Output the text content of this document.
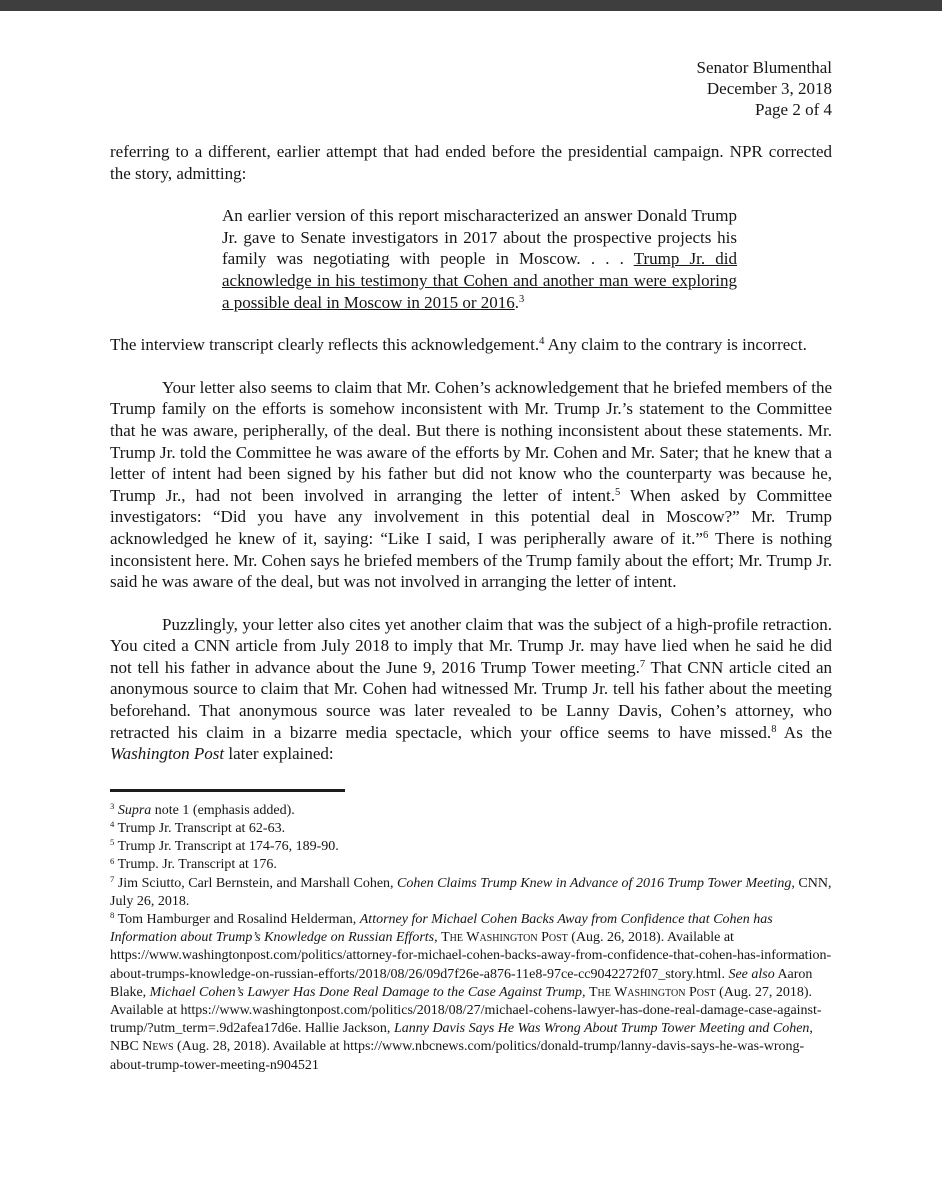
Senator Blumenthal
December 3, 2018
Page 2 of 4

referring to a different, earlier attempt that had ended before the presidential campaign. NPR corrected the story, admitting:

An earlier version of this report mischaracterized an answer Donald Trump Jr. gave to Senate investigators in 2017 about the prospective projects his family was negotiating with people in Moscow. . . . Trump Jr. did acknowledge in his testimony that Cohen and another man were exploring a possible deal in Moscow in 2015 or 2016.$^3$

The interview transcript clearly reflects this acknowledgement.$^4$ Any claim to the contrary is incorrect.

Your letter also seems to claim that Mr. Cohen’s acknowledgement that he briefed members of the Trump family on the efforts is somehow inconsistent with Mr. Trump Jr.’s statement to the Committee that he was aware, peripherally, of the deal. But there is nothing inconsistent about these statements. Mr. Trump Jr. told the Committee he was aware of the efforts by Mr. Cohen and Mr. Sater; that he knew that a letter of intent had been signed by his father but did not know who the counterparty was because he, Trump Jr., had not been involved in arranging the letter of intent.$^5$ When asked by Committee investigators: “Did you have any involvement in this potential deal in Moscow?” Mr. Trump acknowledged he knew of it, saying: “Like I said, I was peripherally aware of it.”$^6$ There is nothing inconsistent here. Mr. Cohen says he briefed members of the Trump family about the effort; Mr. Trump Jr. said he was aware of the deal, but was not involved in arranging the letter of intent.

Puzzlingly, your letter also cites yet another claim that was the subject of a high-profile retraction. You cited a CNN article from July 2018 to imply that Mr. Trump Jr. may have lied when he said he did not tell his father in advance about the June 9, 2016 Trump Tower meeting.$^7$ That CNN article cited an anonymous source to claim that Mr. Cohen had witnessed Mr. Trump Jr. tell his father about the meeting beforehand. That anonymous source was later revealed to be Lanny Davis, Cohen’s attorney, who retracted his claim in a bizarre media spectacle, which your office seems to have missed.$^8$ As the Washington Post later explained:

$^3$ Supra note 1 (emphasis added).

$^4$ Trump Jr. Transcript at 62-63.

$^5$ Trump Jr. Transcript at 174-76, 189-90.

$^6$ Trump. Jr. Transcript at 176.

$^7$ Jim Sciutto, Carl Bernstein, and Marshall Cohen, Cohen Claims Trump Knew in Advance of 2016 Trump Tower Meeting, CNN, July 26, 2018.

$^8$ Tom Hamburger and Rosalind Helderman, Attorney for Michael Cohen Backs Away from Confidence that Cohen has Information about Trump’s Knowledge on Russian Efforts, The Washington Post (Aug. 26, 2018). Available at https://www.washingtonpost.com/politics/attorney-for-michael-cohen-backs-away-from-confidence-that-cohen-has-information-about-trumps-knowledge-on-russian-efforts/2018/08/26/09d7f26e-a876-11e8-97ce-cc9042272f07_story.html. See also Aaron Blake, Michael Cohen’s Lawyer Has Done Real Damage to the Case Against Trump, The Washington Post (Aug. 27, 2018). Available at https://www.washingtonpost.com/politics/2018/08/27/michael-cohens-lawyer-has-done-real-damage-case-against-trump/?utm_term=.9d2afea17d6e. Hallie Jackson, Lanny Davis Says He Was Wrong About Trump Tower Meeting and Cohen, NBC News (Aug. 28, 2018). Available at https://www.nbcnews.com/politics/donald-trump/lanny-davis-says-he-was-wrong-about-trump-tower-meeting-n904521
